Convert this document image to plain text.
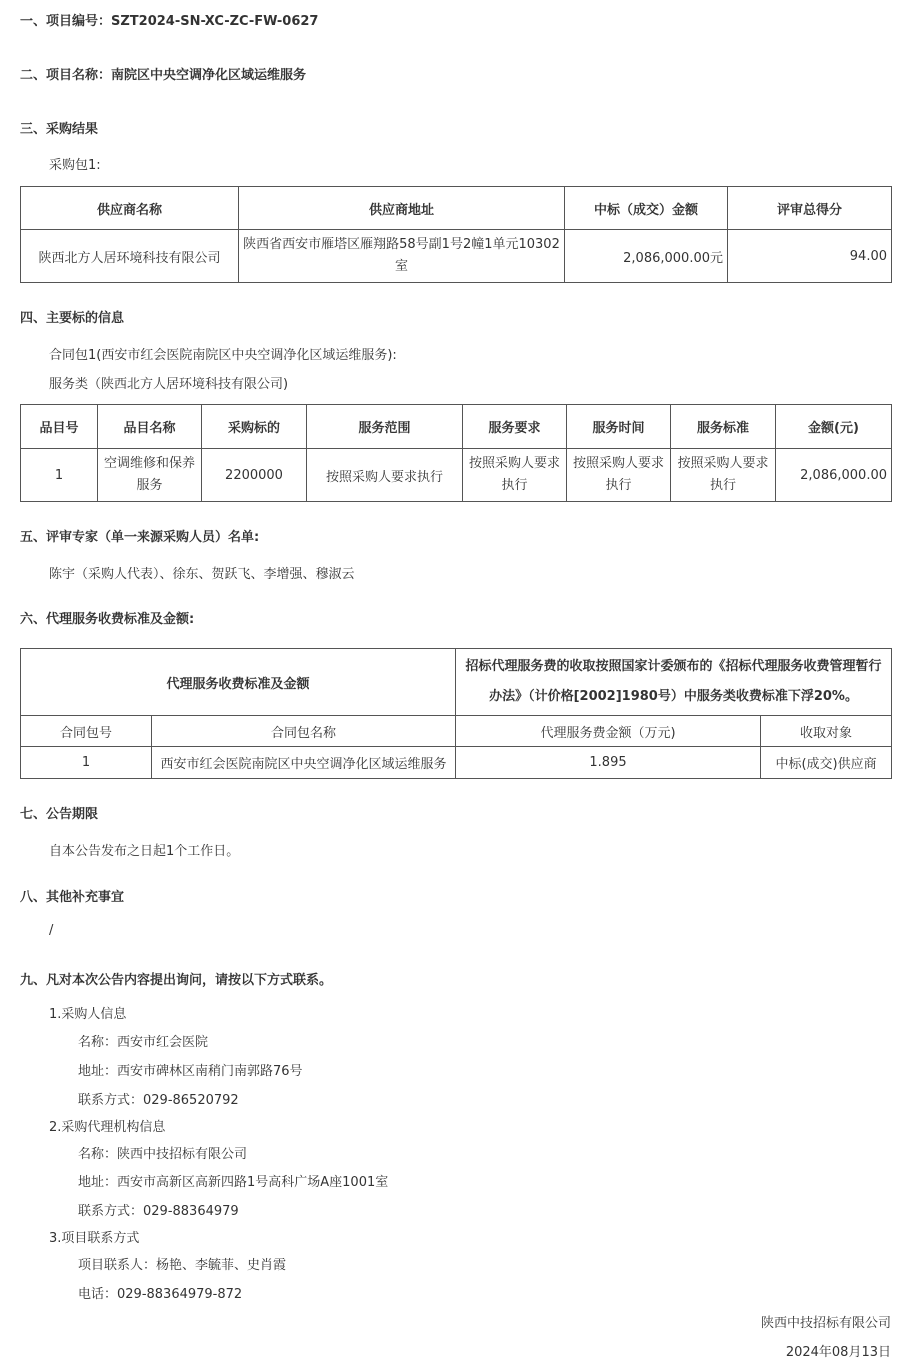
一、项目编号：SZT2024-SN-XC-ZC-FW-0627
二、项目名称：南院区中央空调净化区域运维服务
三、采购结果
采购包1:
供应商名称	供应商地址	中标（成交）金额	评审总得分
陕西北方人居环境科技有限公司	陕西省西安市雁塔区雁翔路58号副1号2幢1单元10302室	2,086,000.00元	94.00
四、主要标的信息
合同包1(西安市红会医院南院区中央空调净化区域运维服务):
服务类（陕西北方人居环境科技有限公司)
品目号	品目名称	采购标的	服务范围	服务要求	服务时间	服务标准	金额(元)
1	空调维修和保养服务	2200000	按照采购人要求执行	按照采购人要求执行	按照采购人要求执行	按照采购人要求执行	2,086,000.00
五、评审专家（单一来源采购人员）名单:
陈宇（采购人代表）、徐东、贺跃飞、李增强、穆淑云
六、代理服务收费标准及金额:
代理服务收费标准及金额		招标代理服务费的收取按照国家计委颁布的《招标代理服务收费管理暂行办法》（计价格[2002]1980号）中服务类收费标准下浮20%。	
合同包号	合同包名称	代理服务费金额（万元)	收取对象
1	西安市红会医院南院区中央空调净化区域运维服务	1.895	中标(成交)供应商
七、公告期限
自本公告发布之日起1个工作日。
八、其他补充事宜
/
九、凡对本次公告内容提出询问，请按以下方式联系。
1.采购人信息
名称：西安市红会医院
地址：西安市碑林区南稍门南郭路76号
联系方式：029-86520792
2.采购代理机构信息
名称：陕西中技招标有限公司
地址：西安市高新区高新四路1号高科广场A座1001室
联系方式：029-88364979
3.项目联系方式
项目联系人：杨艳、李毓菲、史肖霞
电话：029-88364979-872
陕西中技招标有限公司
2024年08月13日
